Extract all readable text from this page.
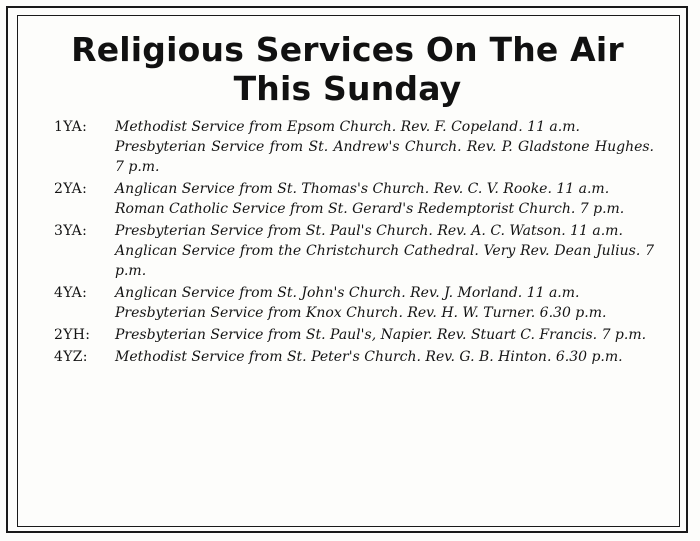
Religious Services On The Air
This Sunday
1YA:	Methodist Service from Epsom Church. Rev. F. Copeland. 11 a.m.
Presbyterian Service from St. Andrew's Church. Rev. P. Gladstone Hughes. 7 p.m.
2YA:	Anglican Service from St. Thomas's Church. Rev. C. V. Rooke. 11 a.m.
Roman Catholic Service from St. Gerard's Redemptorist Church. 7 p.m.
3YA:	Presbyterian Service from St. Paul's Church. Rev. A. C. Watson. 11 a.m.
Anglican Service from the Christchurch Cathedral. Very Rev. Dean Julius. 7 p.m.
4YA:	Anglican Service from St. John's Church. Rev. J. Morland. 11 a.m.
Presbyterian Service from Knox Church. Rev. H. W. Turner. 6.30 p.m.
2YH:	Presbyterian Service from St. Paul's, Napier. Rev. Stuart C. Francis. 7 p.m.
4YZ:	Methodist Service from St. Peter's Church. Rev. G. B. Hinton. 6.30 p.m.
